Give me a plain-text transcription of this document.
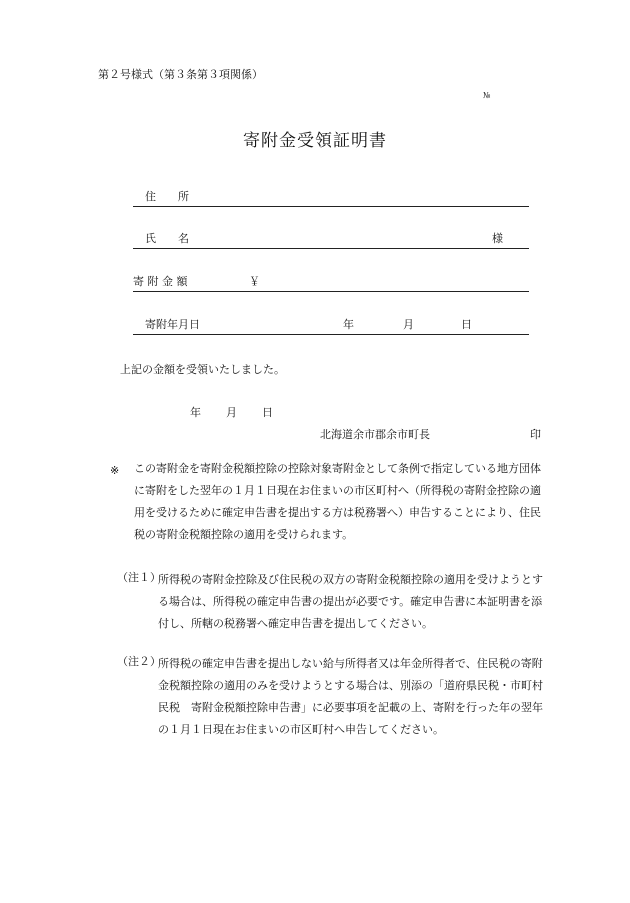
第２号様式（第３条第３項関係）
№
寄附金受領証明書
住　　所
氏　　名	様
寄 附 金 額	￥
寄附年月日	年	月	日
上記の金額を受領いたしました。
年 月 日
北海道余市郡余市町長	印
※ この寄附金を寄附金税額控除の控除対象寄附金として条例で指定している地方団体
に寄附をした翌年の１月１日現在お住まいの市区町村へ（所得税の寄附金控除の適
用を受けるために確定申告書を提出する方は税務署へ）申告することにより、住民
税の寄附金税額控除の適用を受けられます。
（注１）
所得税の寄附金控除及び住民税の双方の寄附金税額控除の適用を受けようとす
る場合は、所得税の確定申告書の提出が必要です。確定申告書に本証明書を添
付し、所轄の税務署へ確定申告書を提出してください。
（注２）
所得税の確定申告書を提出しない給与所得者又は年金所得者で、住民税の寄附
金税額控除の適用のみを受けようとする場合は、別添の「道府県民税・市町村
民税　寄附金税額控除申告書」に必要事項を記載の上、寄附を行った年の翌年
の１月１日現在お住まいの市区町村へ申告してください。
